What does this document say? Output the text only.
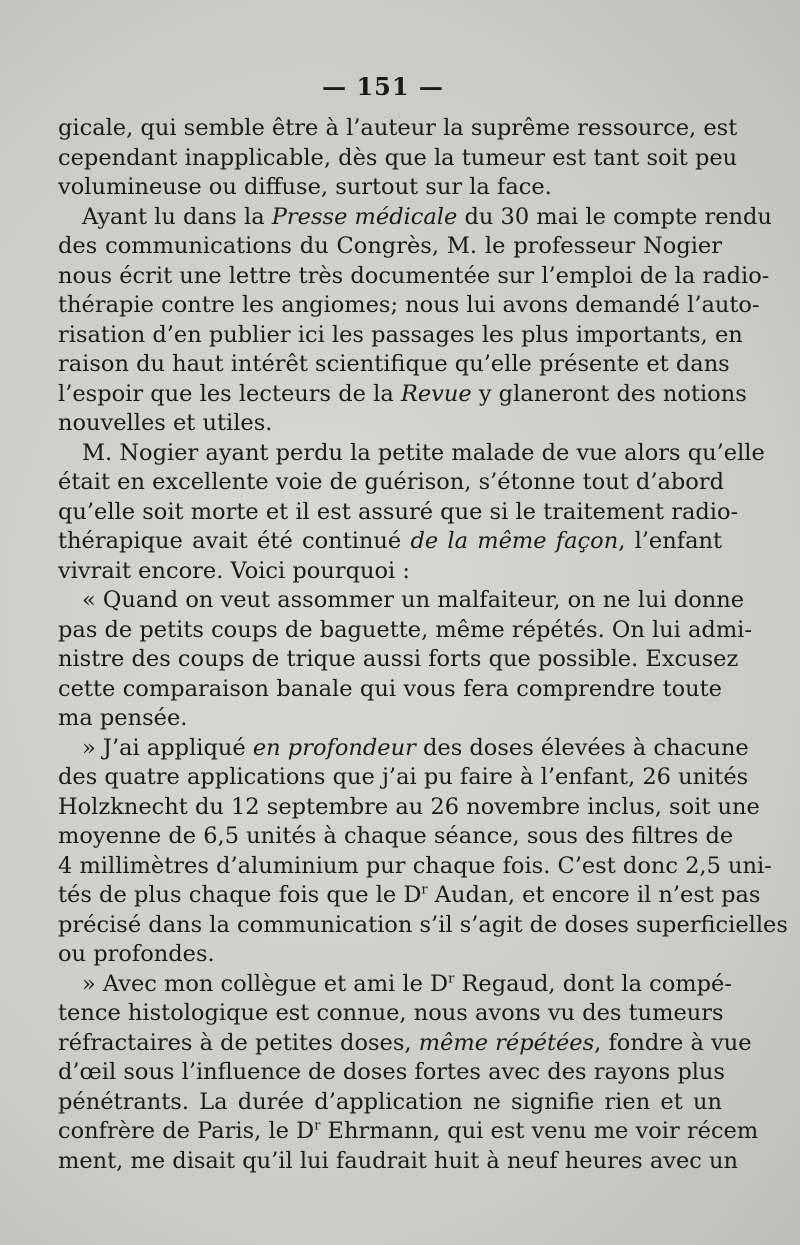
— 151 —
gicale, qui semble être à l’auteur la suprême ressource, est
cependant inapplicable, dès que la tumeur est tant soit peu
volumineuse ou diffuse, surtout sur la face.
Ayant lu dans la Presse médicale du 30 mai le compte rendu
des communications du Congrès, M. le professeur Nogier
nous écrit une lettre très documentée sur l’emploi de la radio-
thérapie contre les angiomes; nous lui avons demandé l’auto-
risation d’en publier ici les passages les plus importants, en
raison du haut intérêt scientifique qu’elle présente et dans
l’espoir que les lecteurs de la Revue y glaneront des notions
nouvelles et utiles.
M. Nogier ayant perdu la petite malade de vue alors qu’elle
était en excellente voie de guérison, s’étonne tout d’abord
qu’elle soit morte et il est assuré que si le traitement radio-
thérapique avait été continué de la même façon, l’enfant
vivrait encore. Voici pourquoi :
« Quand on veut assommer un malfaiteur, on ne lui donne
pas de petits coups de baguette, même répétés. On lui admi-
nistre des coups de trique aussi forts que possible. Excusez
cette comparaison banale qui vous fera comprendre toute
ma pensée.
» J’ai appliqué en profondeur des doses élevées à chacune
des quatre applications que j’ai pu faire à l’enfant, 26 unités
Holzknecht du 12 septembre au 26 novembre inclus, soit une
moyenne de 6,5 unités à chaque séance, sous des filtres de
4 millimètres d’aluminium pur chaque fois. C’est donc 2,5 uni-
tés de plus chaque fois que le $D^r$ Audan, et encore il n’est pas
précisé dans la communication s’il s’agit de doses superficielles
ou profondes.
» Avec mon collègue et ami le $D^r$ Regaud, dont la compé-
tence histologique est connue, nous avons vu des tumeurs
réfractaires à de petites doses, même répétées, fondre à vue
d’œil sous l’influence de doses fortes avec des rayons plus
pénétrants. La durée d’application ne signifie rien et un
confrère de Paris, le $D^r$ Ehrmann, qui est venu me voir récem
ment, me disait qu’il lui faudrait huit à neuf heures avec un
